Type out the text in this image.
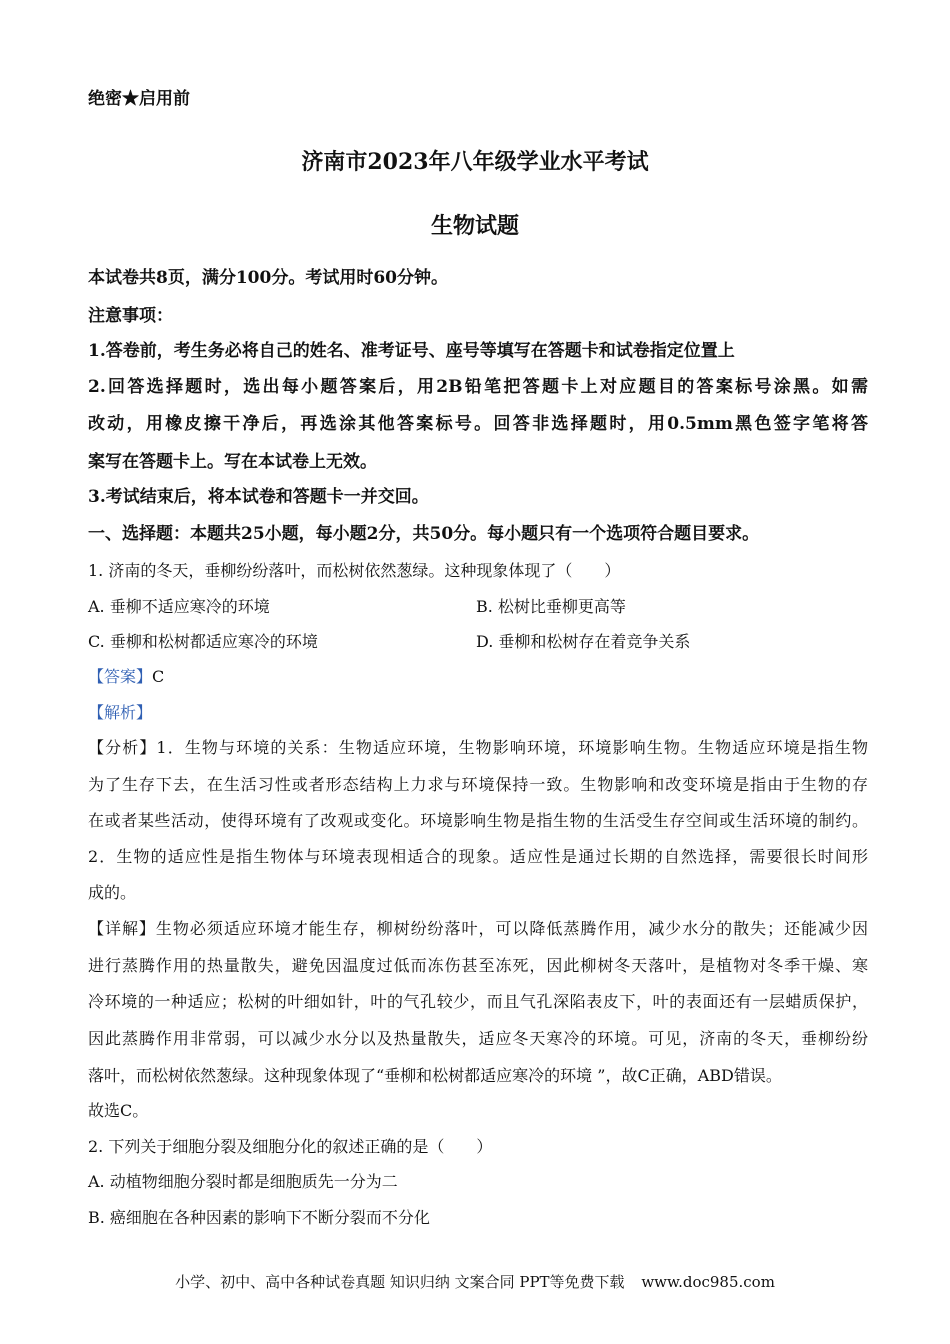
绝密★启用前
济南市2023年八年级学业水平考试
生物试题
本试卷共8页，满分100分。考试用时60分钟。
注意事项：
1.答卷前，考生务必将自己的姓名、准考证号、座号等填写在答题卡和试卷指定位置上
2.回答选择题时，选出每小题答案后，用2B铅笔把答题卡上对应题目的答案标号涂黑。如需
改动，用橡皮擦干净后，再选涂其他答案标号。回答非选择题时，用0.5mm黑色签字笔将答
案写在答题卡上。写在本试卷上无效。
3.考试结束后，将本试卷和答题卡一并交回。
一、选择题：本题共25小题，每小题2分，共50分。每小题只有一个选项符合题目要求。
1. 济南的冬天，垂柳纷纷落叶，而松树依然葱绿。这种现象体现了（　　）
A. 垂柳不适应寒冷的环境	B. 松树比垂柳更高等
C. 垂柳和松树都适应寒冷的环境	D. 垂柳和松树存在着竞争关系
【答案】C
【解析】
【分析】1．生物与环境的关系：生物适应环境，生物影响环境，环境影响生物。生物适应环境是指生物
为了生存下去，在生活习性或者形态结构上力求与环境保持一致。生物影响和改变环境是指由于生物的存
在或者某些活动，使得环境有了改观或变化。环境影响生物是指生物的生活受生存空间或生活环境的制约。
2．生物的适应性是指生物体与环境表现相适合的现象。适应性是通过长期的自然选择，需要很长时间形
成的。
【详解】生物必须适应环境才能生存，柳树纷纷落叶，可以降低蒸腾作用，减少水分的散失；还能减少因
进行蒸腾作用的热量散失，避免因温度过低而冻伤甚至冻死，因此柳树冬天落叶，是植物对冬季干燥、寒
冷环境的一种适应；松树的叶细如针，叶的气孔较少，而且气孔深陷表皮下，叶的表面还有一层蜡质保护，
因此蒸腾作用非常弱，可以减少水分以及热量散失，适应冬天寒冷的环境。可见，济南的冬天，垂柳纷纷
落叶，而松树依然葱绿。这种现象体现了“垂柳和松树都适应寒冷的环境 ”，故C正确，ABD错误。
故选C。
2. 下列关于细胞分裂及细胞分化的叙述正确的是（　　）
A. 动植物细胞分裂时都是细胞质先一分为二
B. 癌细胞在各种因素的影响下不断分裂而不分化
小学、初中、高中各种试卷真题 知识归纳 文案合同 PPT等免费下载 www.doc985.com
